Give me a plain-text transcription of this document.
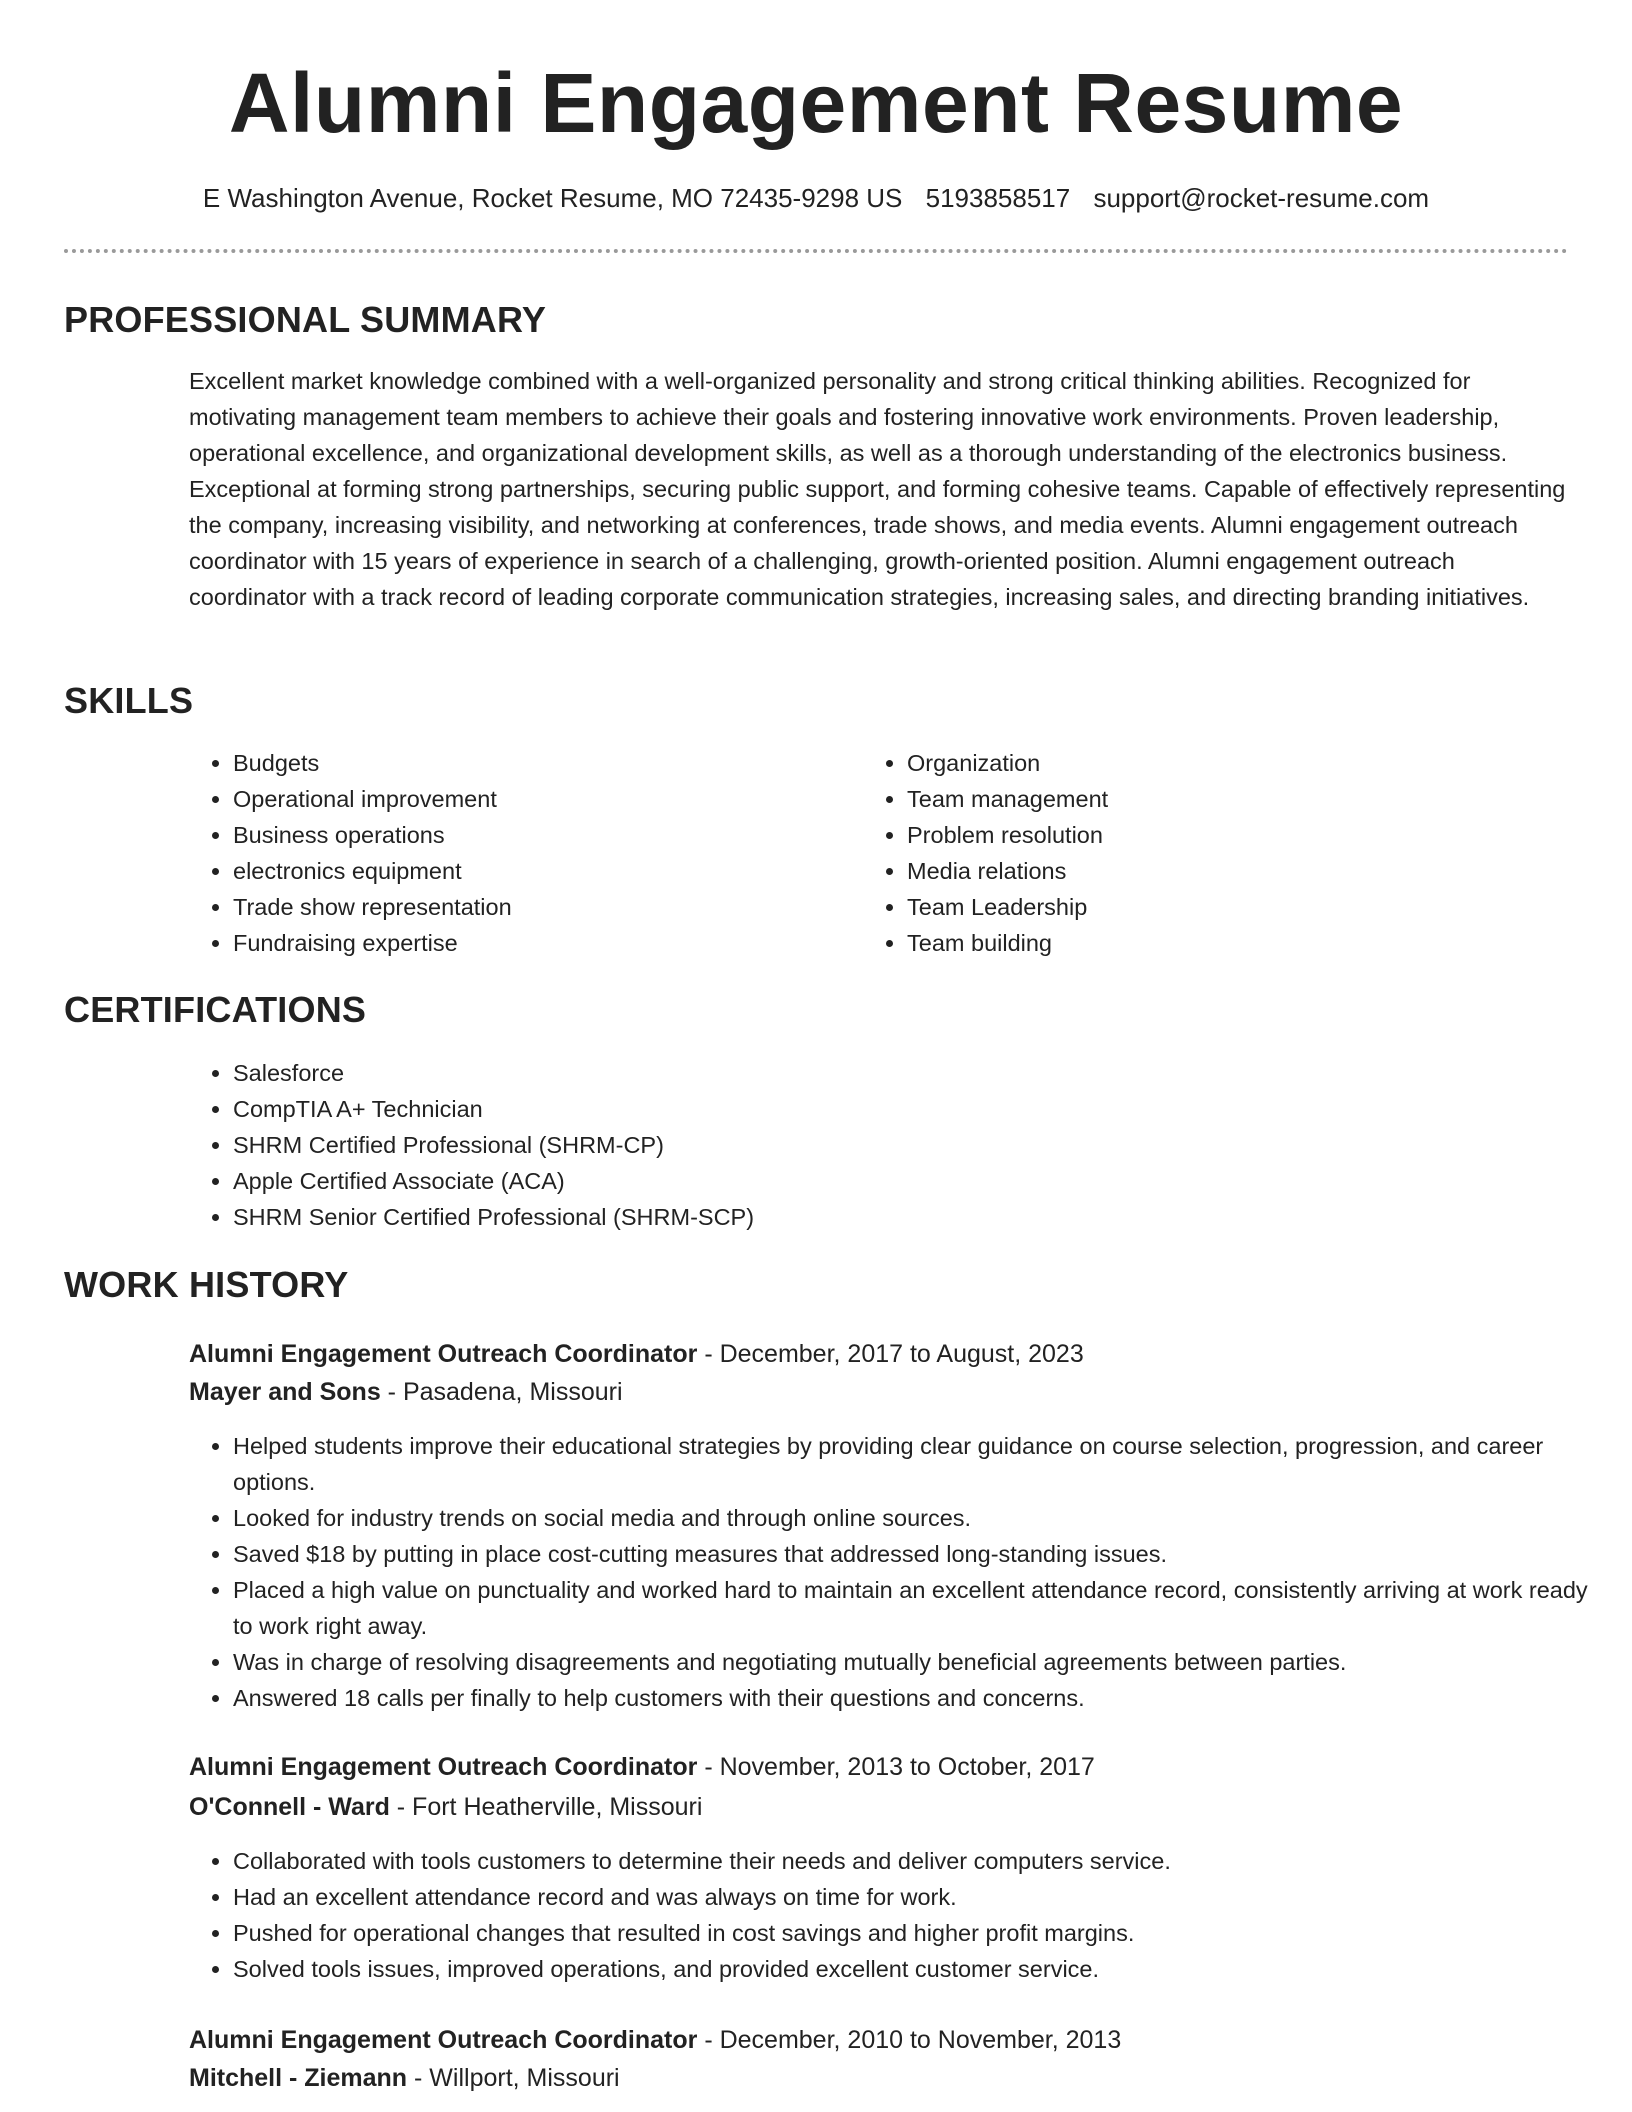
Alumni Engagement Resume
E Washington Avenue, Rocket Resume, MO 72435-9298 US 5193858517 support@rocket-resume.com
PROFESSIONAL SUMMARY

Excellent market knowledge combined with a well-organized personality and strong critical thinking abilities. Recognized for motivating management team members to achieve their goals and fostering innovative work environments. Proven leadership, operational excellence, and organizational development skills, as well as a thorough understanding of the electronics business. Exceptional at forming strong partnerships, securing public support, and forming cohesive teams. Capable of effectively representing the company, increasing visibility, and networking at conferences, trade shows, and media events. Alumni engagement outreach coordinator with 15 years of experience in search of a challenging, growth-oriented position. Alumni engagement outreach coordinator with a track record of leading corporate communication strategies, increasing sales, and directing branding initiatives.

SKILLS
• Budgets
• Operational improvement
• Business operations
• electronics equipment
• Trade show representation
• Fundraising expertise
• Organization
• Team management
• Problem resolution
• Media relations
• Team Leadership
• Team building
CERTIFICATIONS
• Salesforce
• CompTIA A+ Technician
• SHRM Certified Professional (SHRM-CP)
• Apple Certified Associate (ACA)
• SHRM Senior Certified Professional (SHRM-SCP)
WORK HISTORY
Alumni Engagement Outreach Coordinator - December, 2017 to August, 2023
Mayer and Sons - Pasadena, Missouri
• Helped students improve their educational strategies by providing clear guidance on course selection, progression, and career options.
• Looked for industry trends on social media and through online sources.
• Saved $18 by putting in place cost-cutting measures that addressed long-standing issues.
• Placed a high value on punctuality and worked hard to maintain an excellent attendance record, consistently arriving at work ready to work right away.
• Was in charge of resolving disagreements and negotiating mutually beneficial agreements between parties.
• Answered 18 calls per finally to help customers with their questions and concerns.
Alumni Engagement Outreach Coordinator - November, 2013 to October, 2017
O'Connell - Ward - Fort Heatherville, Missouri
• Collaborated with tools customers to determine their needs and deliver computers service.
• Had an excellent attendance record and was always on time for work.
• Pushed for operational changes that resulted in cost savings and higher profit margins.
• Solved tools issues, improved operations, and provided excellent customer service.
Alumni Engagement Outreach Coordinator - December, 2010 to November, 2013
Mitchell - Ziemann - Willport, Missouri
